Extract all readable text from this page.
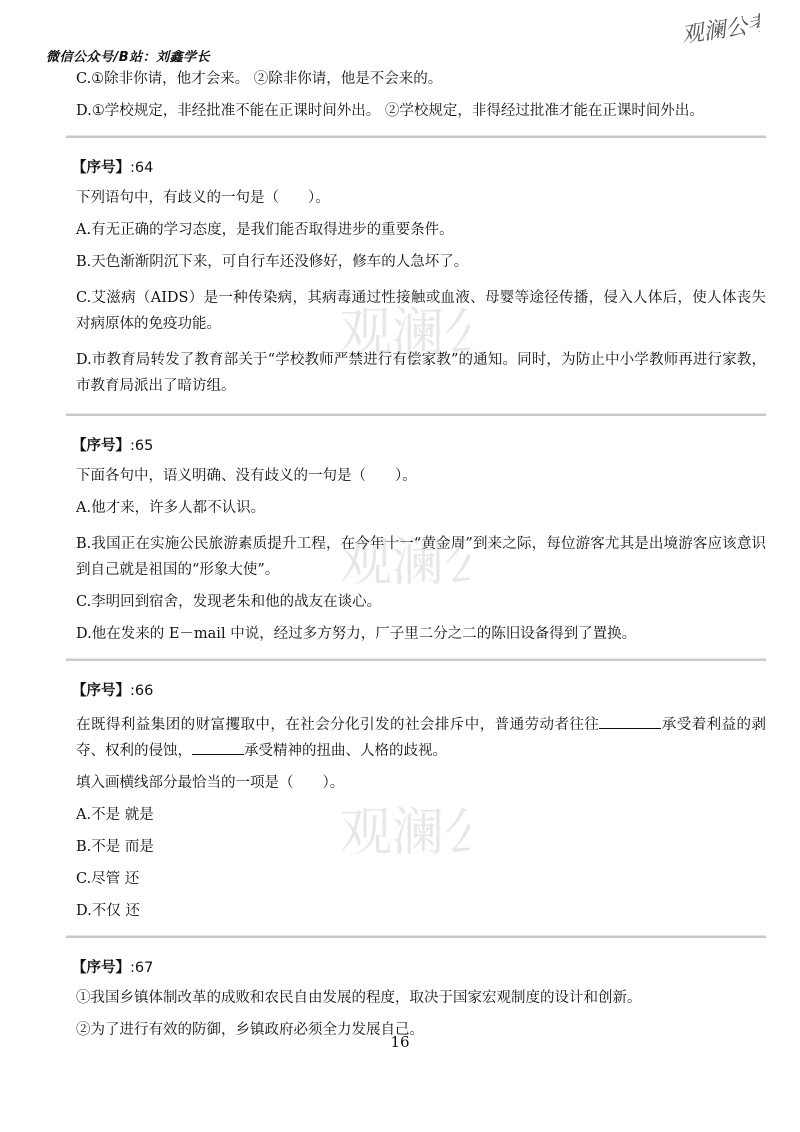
观澜
观澜
观澜
微信公众号/B站：刘鑫学长
观澜公考

C.①除非你请，他才会来。 ②除非你请，他是不会来的。

D.①学校规定，非经批准不能在正课时间外出。 ②学校规定，非得经过批准才能在正课时间外出。

【序号】:64

下列语句中，有歧义的一句是（　　）。

A.有无正确的学习态度，是我们能否取得进步的重要条件。

B.天色渐渐阴沉下来，可自行车还没修好，修车的人急坏了。

C.艾滋病（AIDS）是一种传染病，其病毒通过性接触或血液、母婴等途径传播，侵入人体后，使人体丧失对病原体的免疫功能。

D.市教育局转发了教育部关于“学校教师严禁进行有偿家教”的通知。同时，为防止中小学教师再进行家教，市教育局派出了暗访组。

【序号】:65

下面各句中，语义明确、没有歧义的一句是（　　）。

A.他才来，许多人都不认识。

B.我国正在实施公民旅游素质提升工程，在今年十一“黄金周”到来之际，每位游客尤其是出境游客应该意识到自己就是祖国的“形象大使”。

C.李明回到宿舍，发现老朱和他的战友在谈心。

D.他在发来的 E－mail 中说，经过多方努力，厂子里二分之二的陈旧设备得到了置换。

【序号】:66

在既得利益集团的财富攫取中，在社会分化引发的社会排斥中，普通劳动者往往	承受着利益的剥夺、权利的侵蚀，	承受精神的扭曲、人格的歧视。

填入画横线部分最恰当的一项是（　　）。

A.不是 就是

B.不是 而是

C.尽管 还

D.不仅 还

【序号】:67

①我国乡镇体制改革的成败和农民自由发展的程度，取决于国家宏观制度的设计和创新。

②为了进行有效的防御，乡镇政府必须全力发展自己。

16
